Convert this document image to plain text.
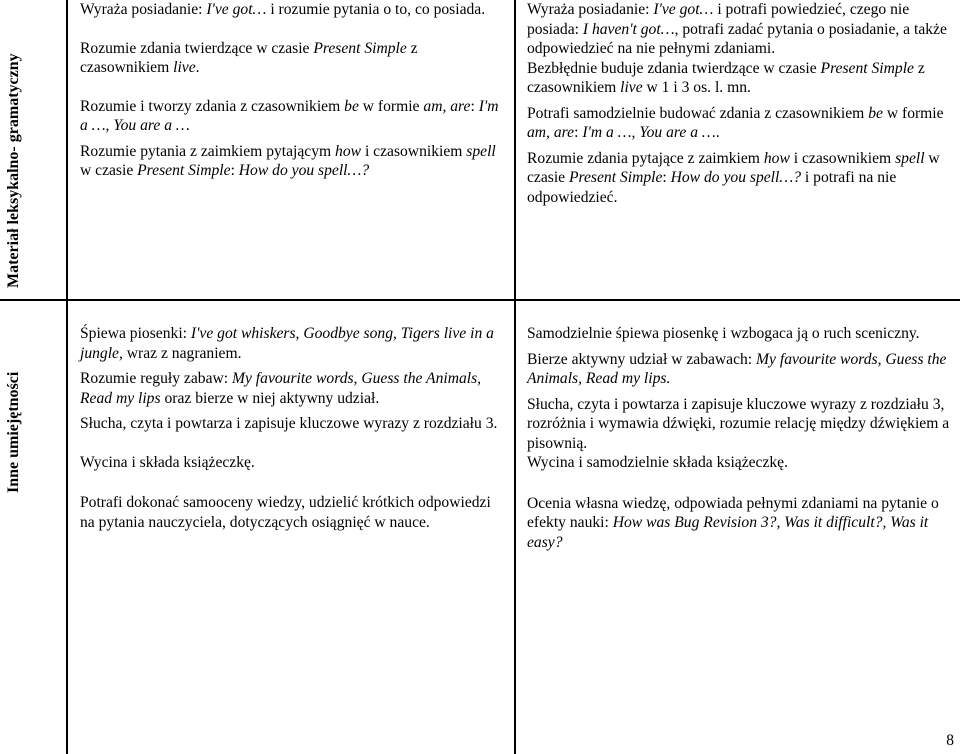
Materiał leksykalno- gramatyczny
Inne umiejętności

Wyraża posiadanie: I've got… i rozumie pytania o to, co posiada.

Rozumie zdania twierdzące w czasie Present Simple z czasownikiem live.

Rozumie i tworzy zdania z czasownikiem be w formie am, are: I'm a …, You are a …

Rozumie pytania z zaimkiem pytającym how i czasownikiem spell w czasie Present Simple: How do you spell…?

Wyraża posiadanie: I've got… i potrafi powiedzieć, czego nie posiada: I haven't got…, potrafi zadać pytania o posiadanie, a także odpowiedzieć na nie pełnymi zdaniami.

Bezbłędnie buduje zdania twierdzące w czasie Present Simple z czasownikiem live w 1 i 3 os. l. mn.

Potrafi samodzielnie budować zdania z czasownikiem be w formie am, are: I'm a …, You are a ….

Rozumie zdania pytające z zaimkiem how i czasownikiem spell w czasie Present Simple: How do you spell…? i potrafi na nie odpowiedzieć.

Śpiewa piosenki: I've got whiskers, Goodbye song, Tigers live in a jungle, wraz z nagraniem.

Rozumie reguły zabaw: My favourite words, Guess the Animals, Read my lips oraz bierze w niej aktywny udział.

Słucha, czyta i powtarza i zapisuje kluczowe wyrazy z rozdziału 3.

Wycina i składa książeczkę.

Potrafi dokonać samooceny wiedzy, udzielić krótkich odpowiedzi na pytania nauczyciela, dotyczących osiągnięć w nauce.

Samodzielnie śpiewa piosenkę i wzbogaca ją o ruch sceniczny.

Bierze aktywny udział w zabawach: My favourite words, Guess the Animals, Read my lips.

Słucha, czyta i powtarza i zapisuje kluczowe wyrazy z rozdziału 3, rozróżnia i wymawia dźwięki, rozumie relację między dźwiękiem a pisownią.

Wycina i samodzielnie składa książeczkę.

Ocenia własna wiedzę, odpowiada pełnymi zdaniami na pytanie o efekty nauki: How was Bug Revision 3?, Was it difficult?, Was it easy?

8
